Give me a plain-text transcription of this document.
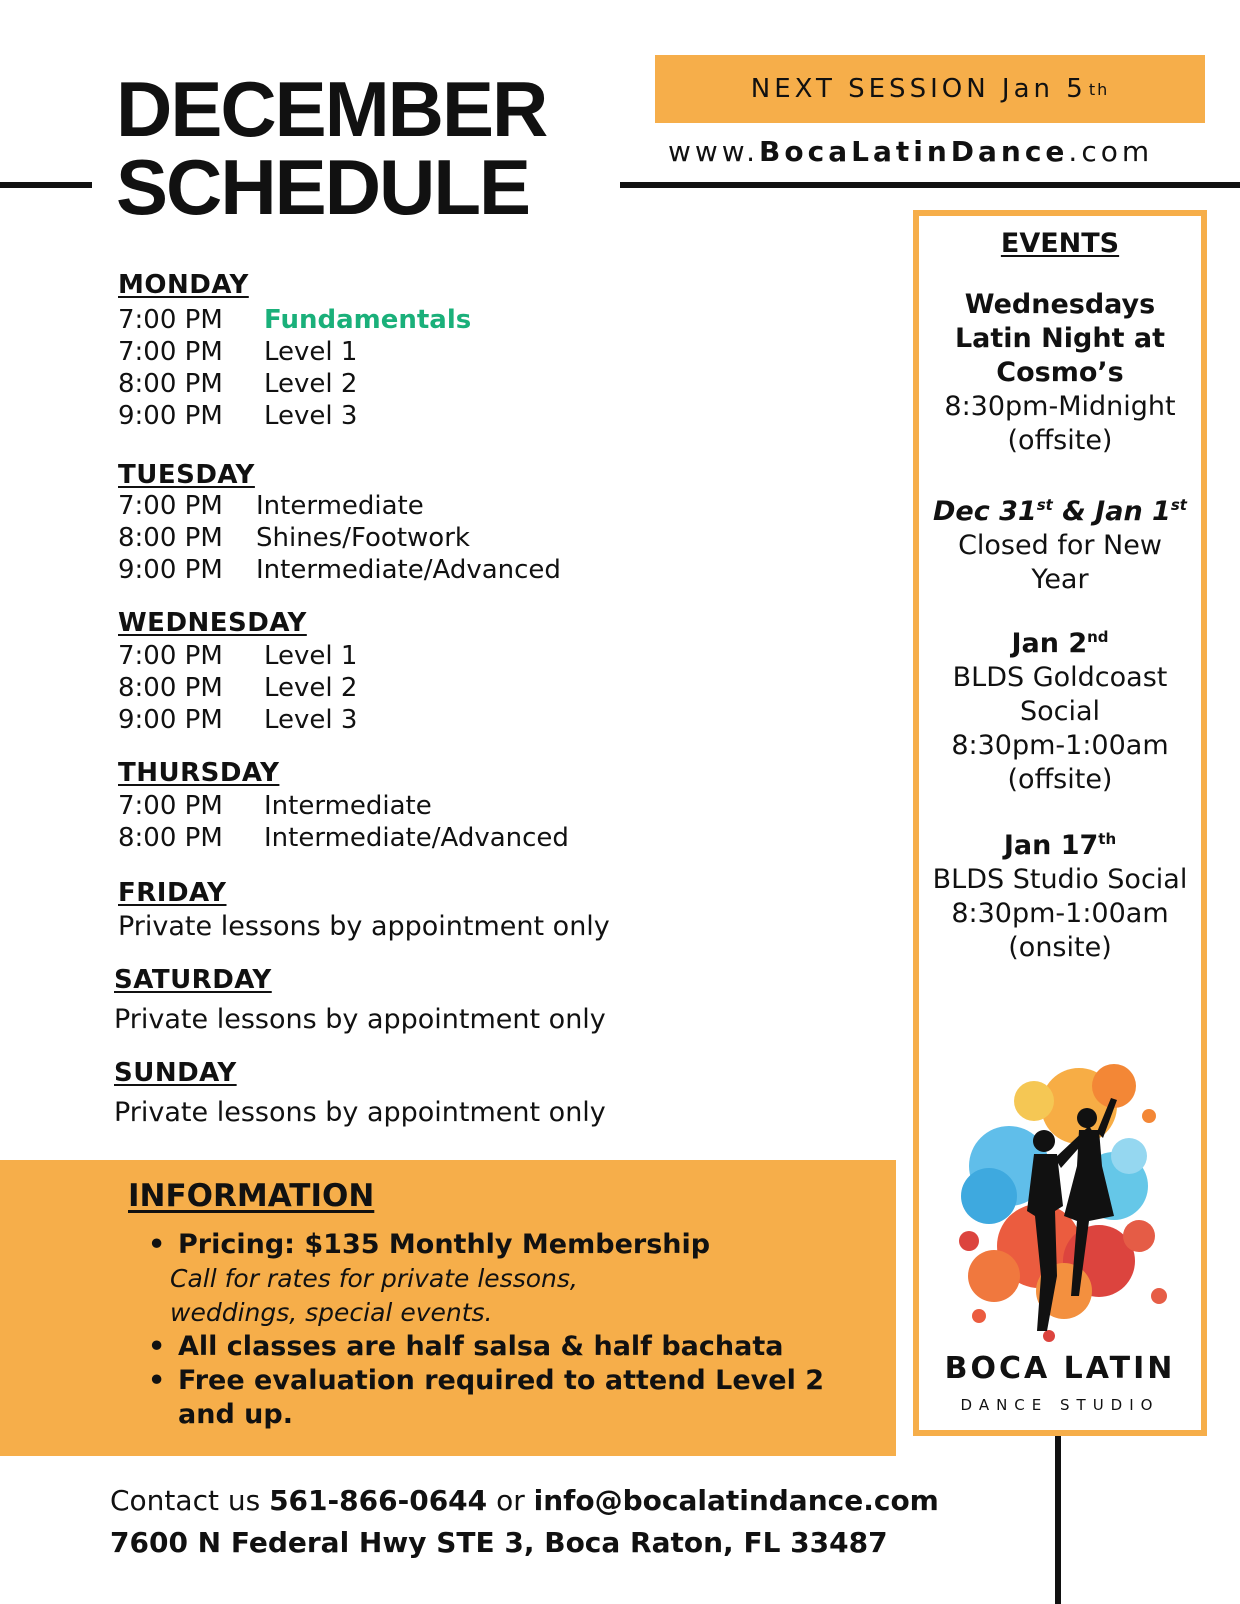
DECEMBER
SCHEDULE
NEXT SESSION Jan 5 th
www.BocaLatinDance.com
MONDAY
7:00 PM	Fundamentals
7:00 PM	Level 1
8:00 PM	Level 2
9:00 PM	Level 3
TUESDAY
7:00 PM	Intermediate
8:00 PM	Shines/Footwork
9:00 PM	Intermediate/Advanced
WEDNESDAY
7:00 PM	Level 1
8:00 PM	Level 2
9:00 PM	Level 3
THURSDAY
7:00 PM	Intermediate
8:00 PM	Intermediate/Advanced
FRIDAY
Private lessons by appointment only
SATURDAY
Private lessons by appointment only
SUNDAY
Private lessons by appointment only
INFORMATION
• Pricing: $135 Monthly Membership
Call for rates for private lessons,
weddings, special events.
• All classes are half salsa & half bachata
• Free evaluation required to attend Level 2 and up.
Contact us 561-866-0644 or info@bocalatindance.com
7600 N Federal Hwy STE 3, Boca Raton, FL 33487
EVENTS
Wednesdays
Latin Night at
Cosmo’s
8:30pm-Midnight
(offsite)
Dec 31st & Jan 1st
Closed for New
Year
Jan 2nd
BLDS Goldcoast
Social
8:30pm-1:00am
(offsite)
Jan 17th
BLDS Studio Social
8:30pm-1:00am
(onsite)
BOCA LATIN
DANCE STUDIO
